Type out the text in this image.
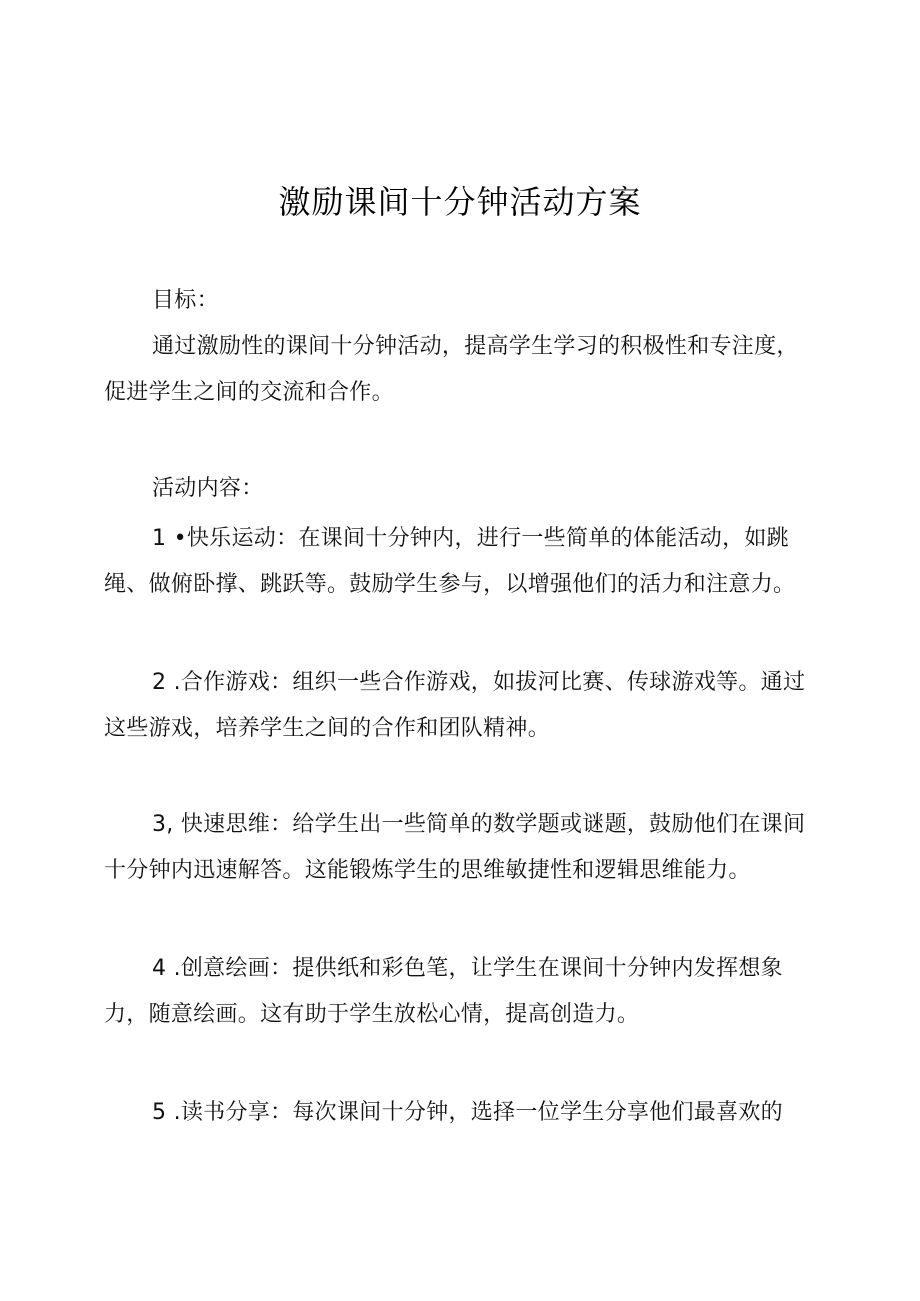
激励课间十分钟活动方案

目标：

通过激励性的课间十分钟活动，提高学生学习的积极性和专注度，促进学生之间的交流和合作。

活动内容：

1 •快乐运动：在课间十分钟内，进行一些简单的体能活动，如跳绳、做俯卧撑、跳跃等。鼓励学生参与，以增强他们的活力和注意力。

2 .合作游戏：组织一些合作游戏，如拔河比赛、传球游戏等。通过这些游戏，培养学生之间的合作和团队精神。

3, 快速思维：给学生出一些简单的数学题或谜题，鼓励他们在课间十分钟内迅速解答。这能锻炼学生的思维敏捷性和逻辑思维能力。

4 .创意绘画：提供纸和彩色笔，让学生在课间十分钟内发挥想象力，随意绘画。这有助于学生放松心情，提高创造力。

5 .读书分享：每次课间十分钟，选择一位学生分享他们最喜欢的
